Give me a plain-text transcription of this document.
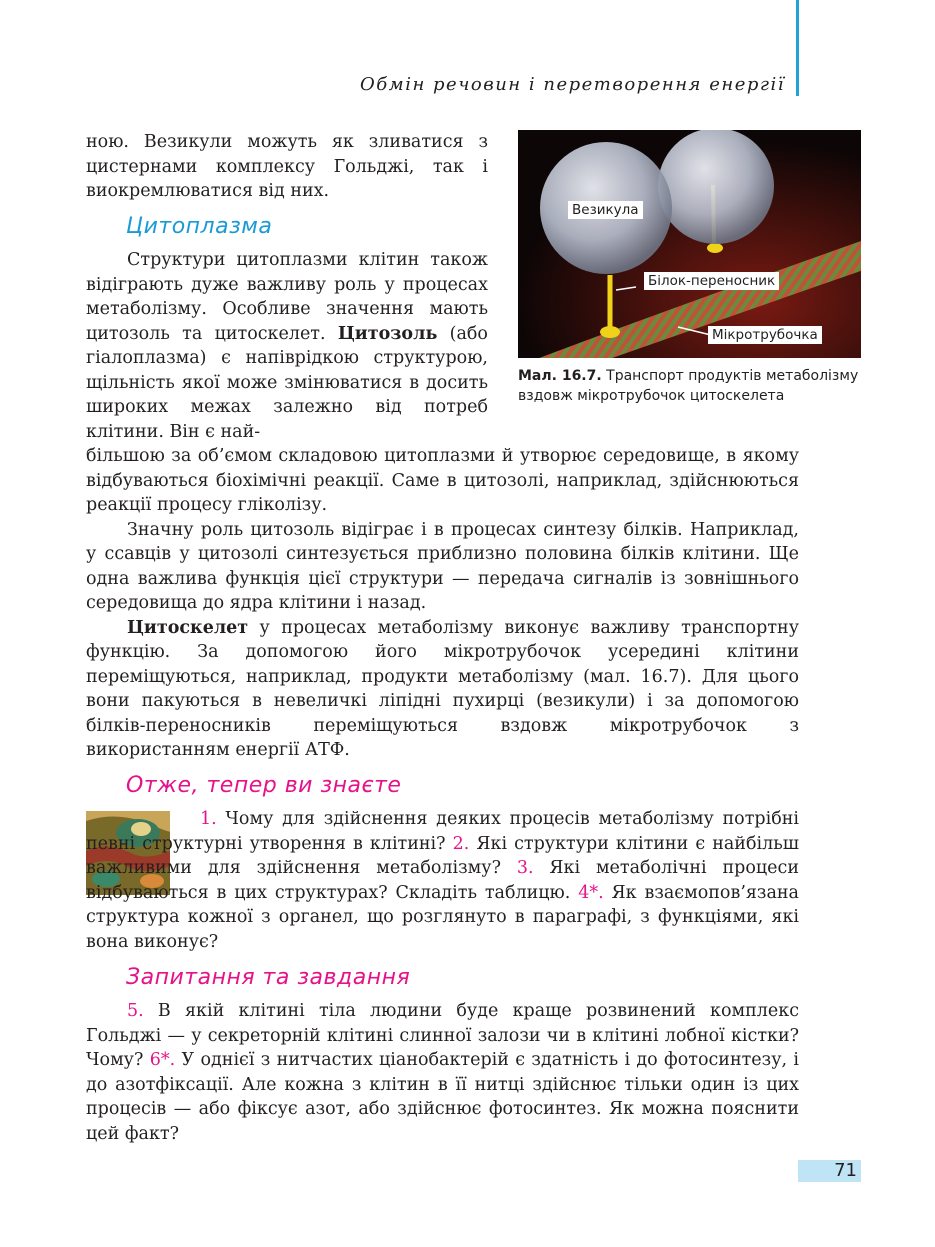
Обмін речовин і перетворення енергії

ною. Везикули можуть як зливатися з цистернами комплексу Гольджі, так і виокремлюватися від них.

Цитоплазма

Структури цитоплазми клітин також відіграють дуже важливу роль у процесах метаболізму. Особливе значення мають цитозоль та цитоскелет. Цитозоль (або гіалоплазма) є напіврідкою структурою, щільність якої може змінюватися в досить широких межах залежно від потреб клітини. Він є най-

Везикула
Білок-переносник
Мікротрубочка
Мал. 16.7. Транспорт продуктів метаболізму вздовж мікротрубочок цитоскелета

більшою за об’ємом складовою цитоплазми й утворює середовище, в якому відбуваються біохімічні реакції. Саме в цитозолі, наприклад, здійснюються реакції процесу гліколізу.

Значну роль цитозоль відіграє і в процесах синтезу білків. Наприклад, у ссавців у цитозолі синтезується приблизно половина білків клітини. Ще одна важлива функція цієї структури — передача сигналів із зовнішнього середовища до ядра клітини і назад.

Цитоскелет у процесах метаболізму виконує важливу транспортну функцію. За допомогою його мікротрубочок усередині клітини переміщуються, наприклад, продукти метаболізму (мал. 16.7). Для цього вони пакуються в невеличкі ліпідні пухирці (везикули) і за допомогою білків-переносників переміщуються вздовж мікротрубочок з використанням енергії АТФ.

Отже, тепер ви знаєте

1. Чому для здійснення деяких процесів метаболізму потрібні певні структурні утворення в клітині? 2. Які структури клітини є найбільш важливими для здійснення метаболізму? 3. Які метаболічні процеси відбуваються в цих структурах? Складіть таблицю. 4*. Як взаємопов’язана структура кожної з органел, що розглянуто в параграфі, з функціями, які вона виконує?

Запитання та завдання

5. В якій клітині тіла людини буде краще розвинений комплекс Гольджі — у секреторній клітині слинної залози чи в клітині лобної кістки? Чому? 6*. У однієї з нитчастих ціанобактерій є здатність і до фотосинтезу, і до азотфіксації. Але кожна з клітин в її нитці здійснює тільки один із цих процесів — або фіксує азот, або здійснює фотосинтез. Як можна пояснити цей факт?

71
